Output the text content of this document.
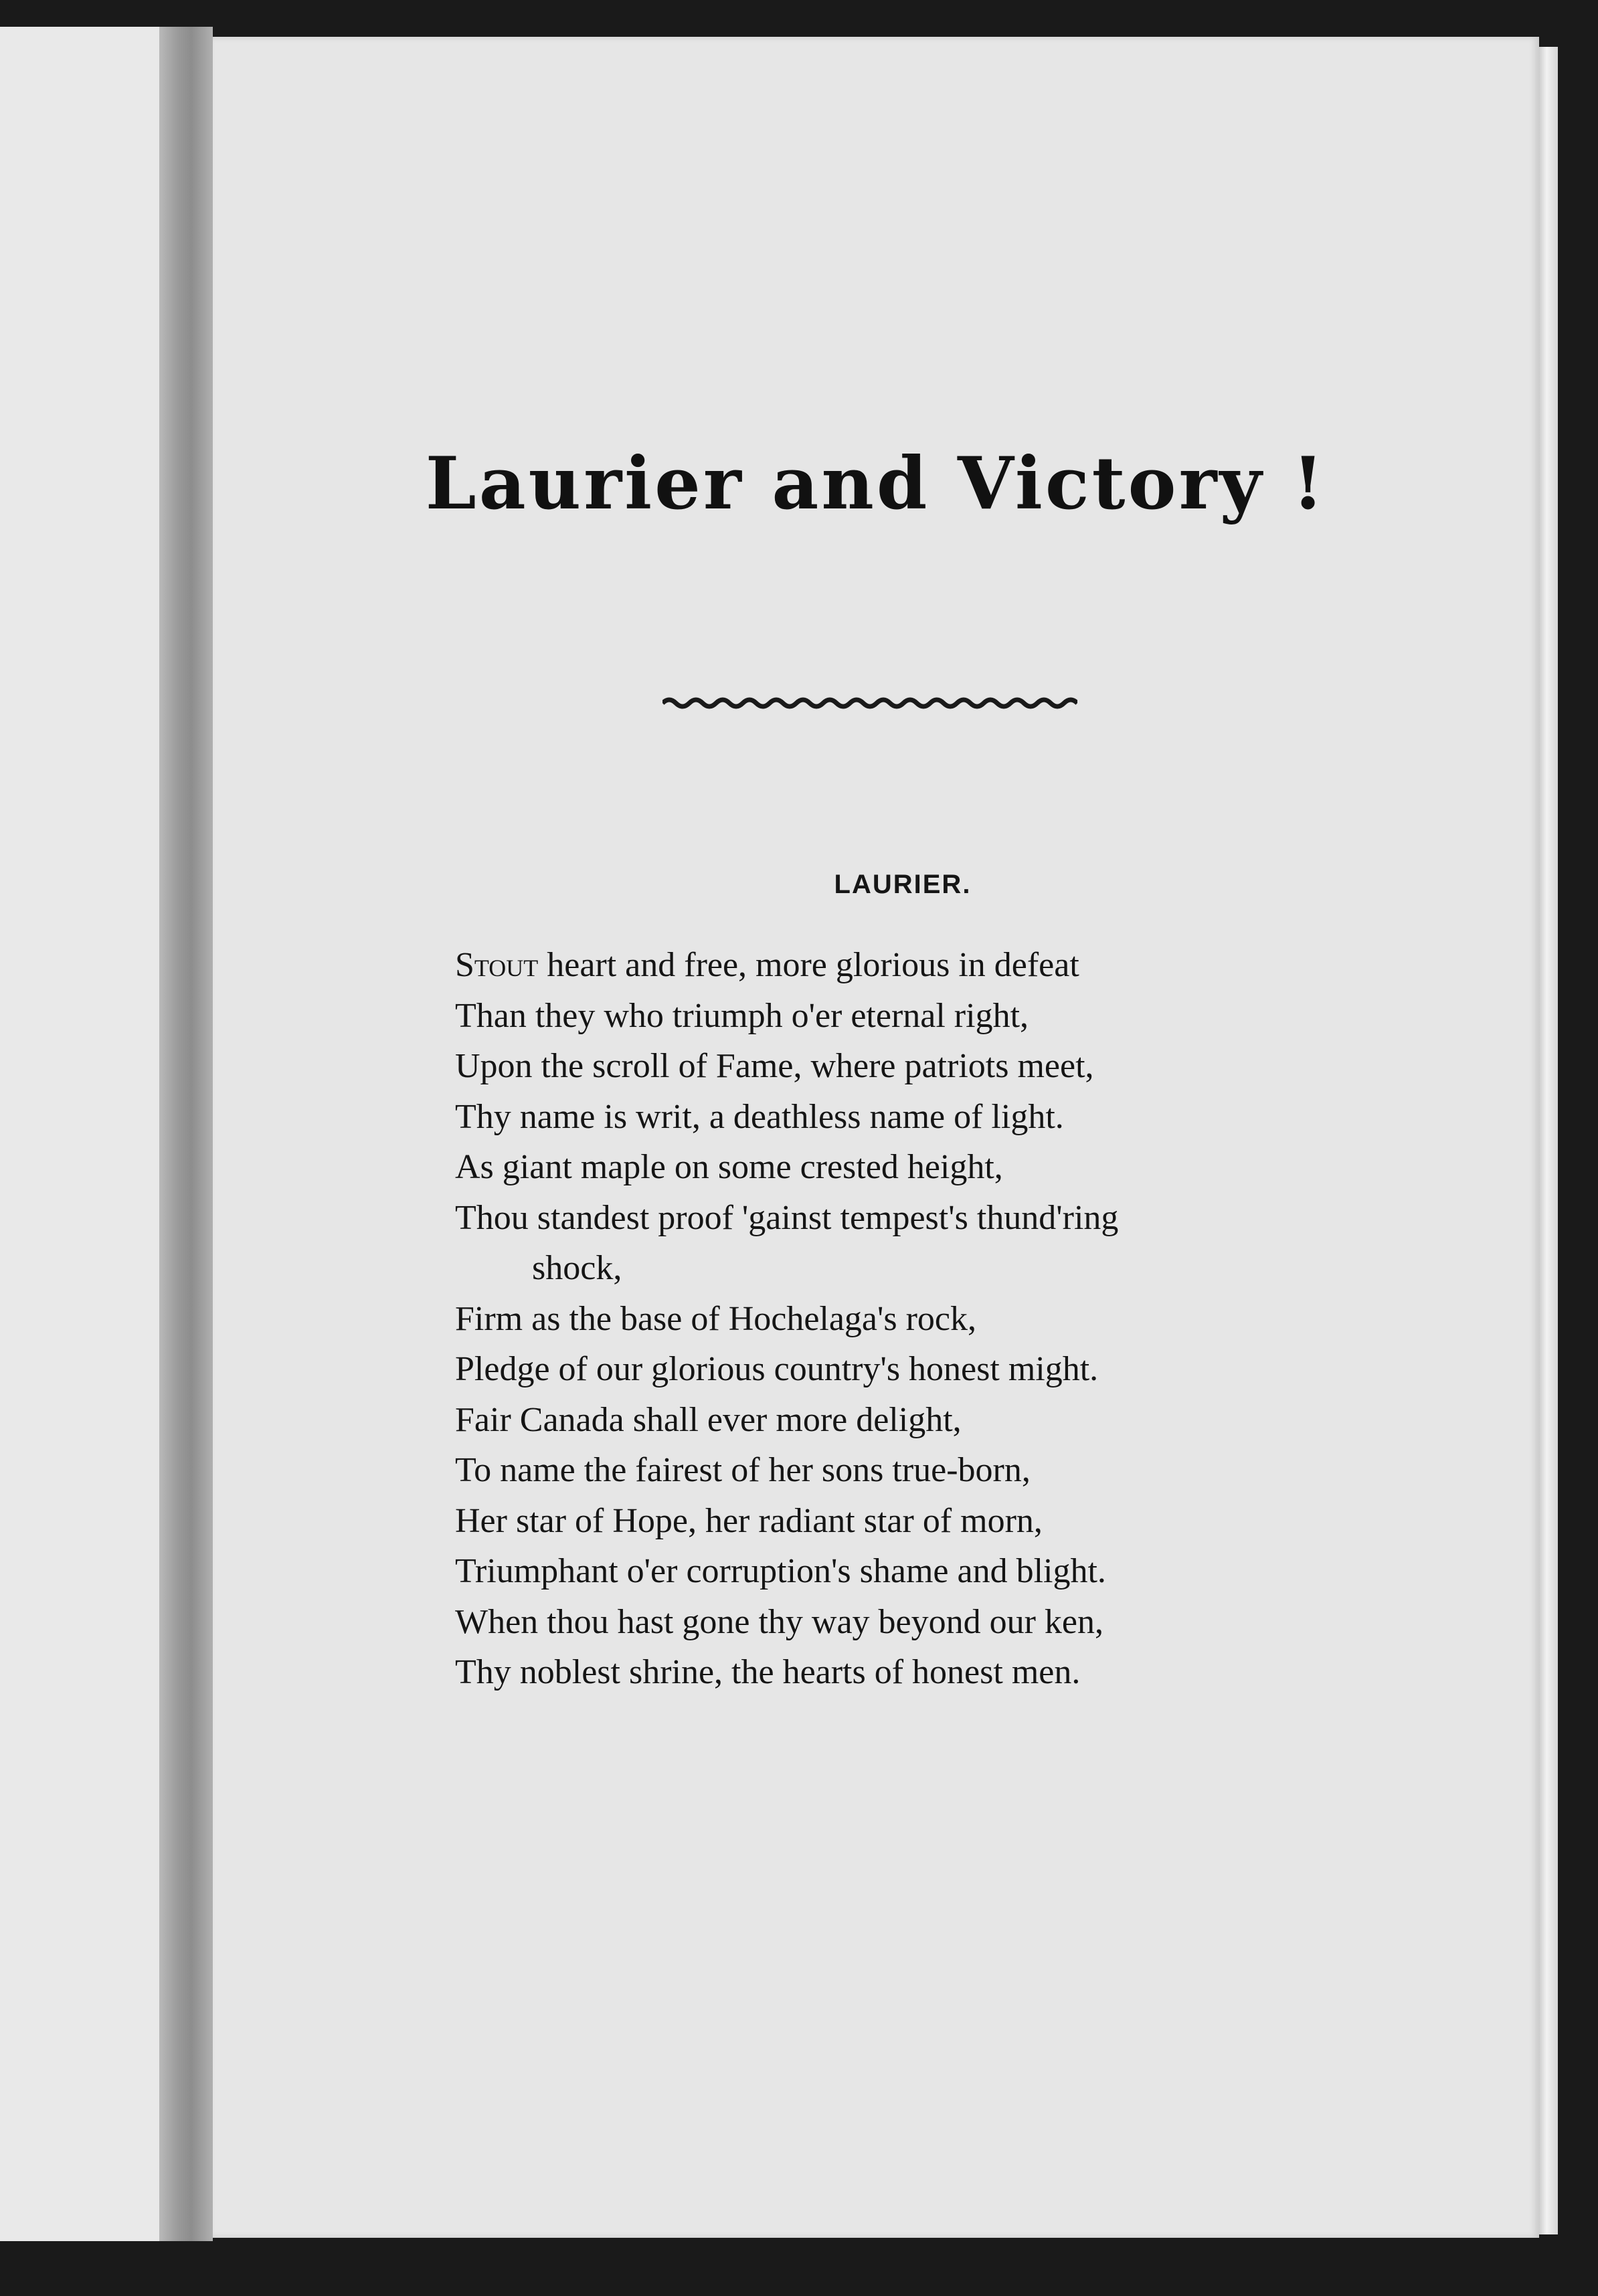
Laurier and Victory !
LAURIER.
Stout heart and free, more glorious in defeat
Than they who triumph o'er eternal right,
Upon the scroll of Fame, where patriots meet,
Thy name is writ, a deathless name of light.
As giant maple on some crested height,
Thou standest proof 'gainst tempest's thund'ring
shock,
Firm as the base of Hochelaga's rock,
Pledge of our glorious country's honest might.
Fair Canada shall ever more delight,
To name the fairest of her sons true-born,
Her star of Hope, her radiant star of morn,
Triumphant o'er corruption's shame and blight.
When thou hast gone thy way beyond our ken,
Thy noblest shrine, the hearts of honest men.
